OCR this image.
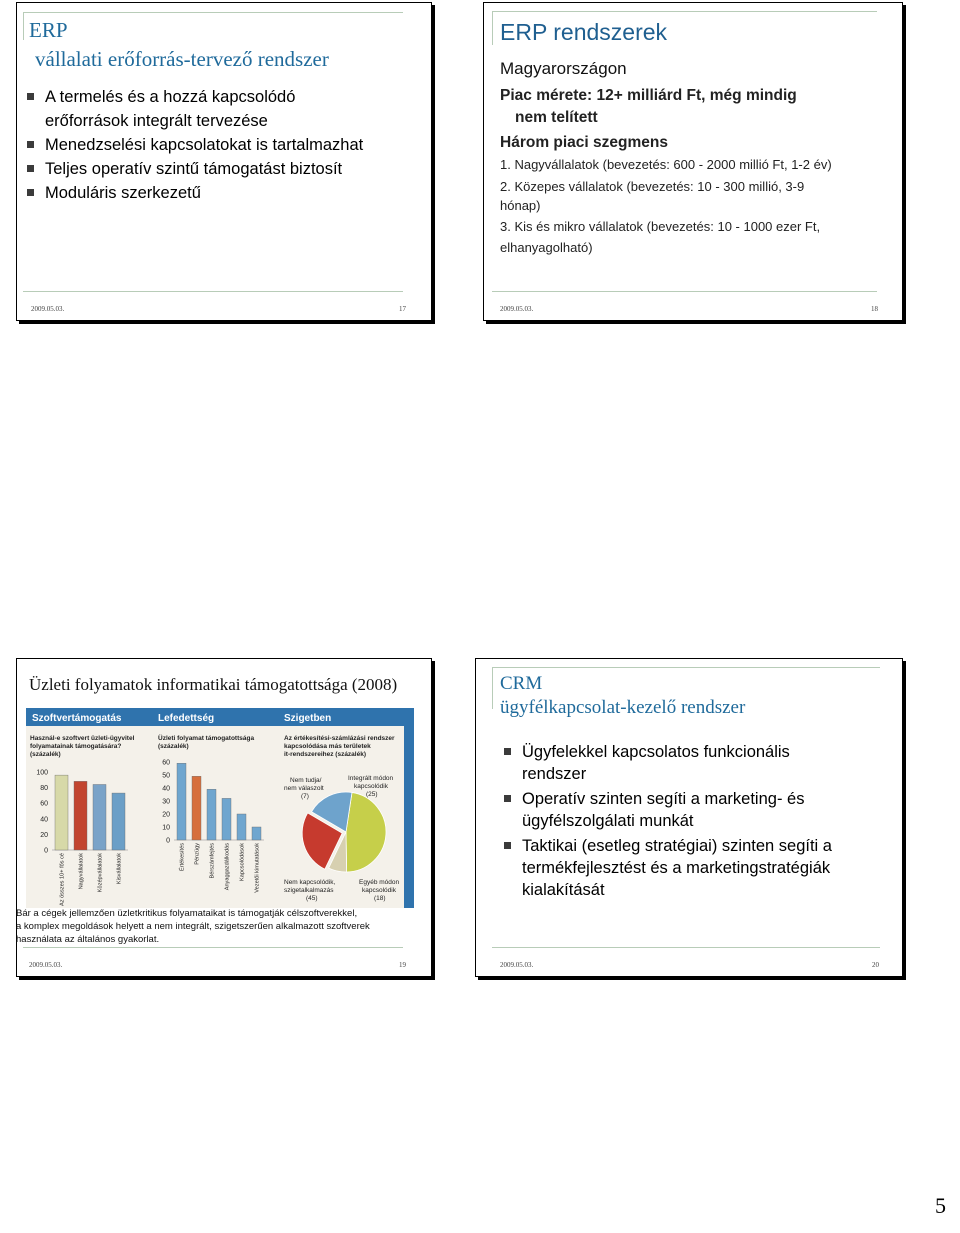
ERP
vállalati erőforrás-tervező rendszer
A termelés és a hozzá kapcsolódó
erőforrások integrált tervezése
Menedzselési kapcsolatokat is tartalmazhat
Teljes operatív szintű támogatást biztosít
Moduláris szerkezetű
2009.05.03.	17
ERP rendszerek
Magyarországon
Piac mérete: 12+ milliárd Ft, még mindig
nem telített
Három piaci szegmens
1. Nagyvállalatok (bevezetés: 600 - 2000 millió Ft, 1-2 év)
2. Közepes vállalatok (bevezetés: 10 - 300 millió, 3-9
hónap)
3. Kis és mikro vállalatok (bevezetés: 10 - 1000 ezer Ft,
elhanyagolható)
2009.05.03.	18
Üzleti folyamatok informatikai támogatottsága (2008)
2009.05.03.	19
Szoftvertámogatás	Lefedettség	Szigetben
Használ-e szoftvert üzleti-ügyvitel
folyamatainak támogatására?
(százalék)
Üzleti folyamat támogatottsága
(százalék)
Az értékesítési-számlázási rendszer
kapcsolódása más területek
it-rendszereihez (százalék)
0
20
40
60
80
100
Az összes 10+ fős cé Nagyvállalatok Középvállalatok Kisvállalatok
0
10
20
30
40
50
60
Értékesítés Pénzügy Bérszámfejtés Anyaggazdálkodás Kapcsolódások Vezetői kimutatások
Nem tudja/
nem válaszolt
(7)
Integrált módon
kapcsolódik
(25)
Nem kapcsolódik,
szigetalkalmazás
(45)
Egyéb módon
kapcsolódik
(18)
Bár a cégek jellemzően üzletkritikus folyamataikat is támogatják célszoftverekkel,
a komplex megoldások helyett a nem integrált, szigetszerűen alkalmazott szoftverek
használata az általános gyakorlat.
CRM
ügyfélkapcsolat-kezelő rendszer
Ügyfelekkel kapcsolatos funkcionális
rendszer
Operatív szinten segíti a marketing- és
ügyfélszolgálati munkát
Taktikai (esetleg stratégiai) szinten segíti a
termékfejlesztést és a marketingstratégiák
kialakítását
2009.05.03.	20
5
